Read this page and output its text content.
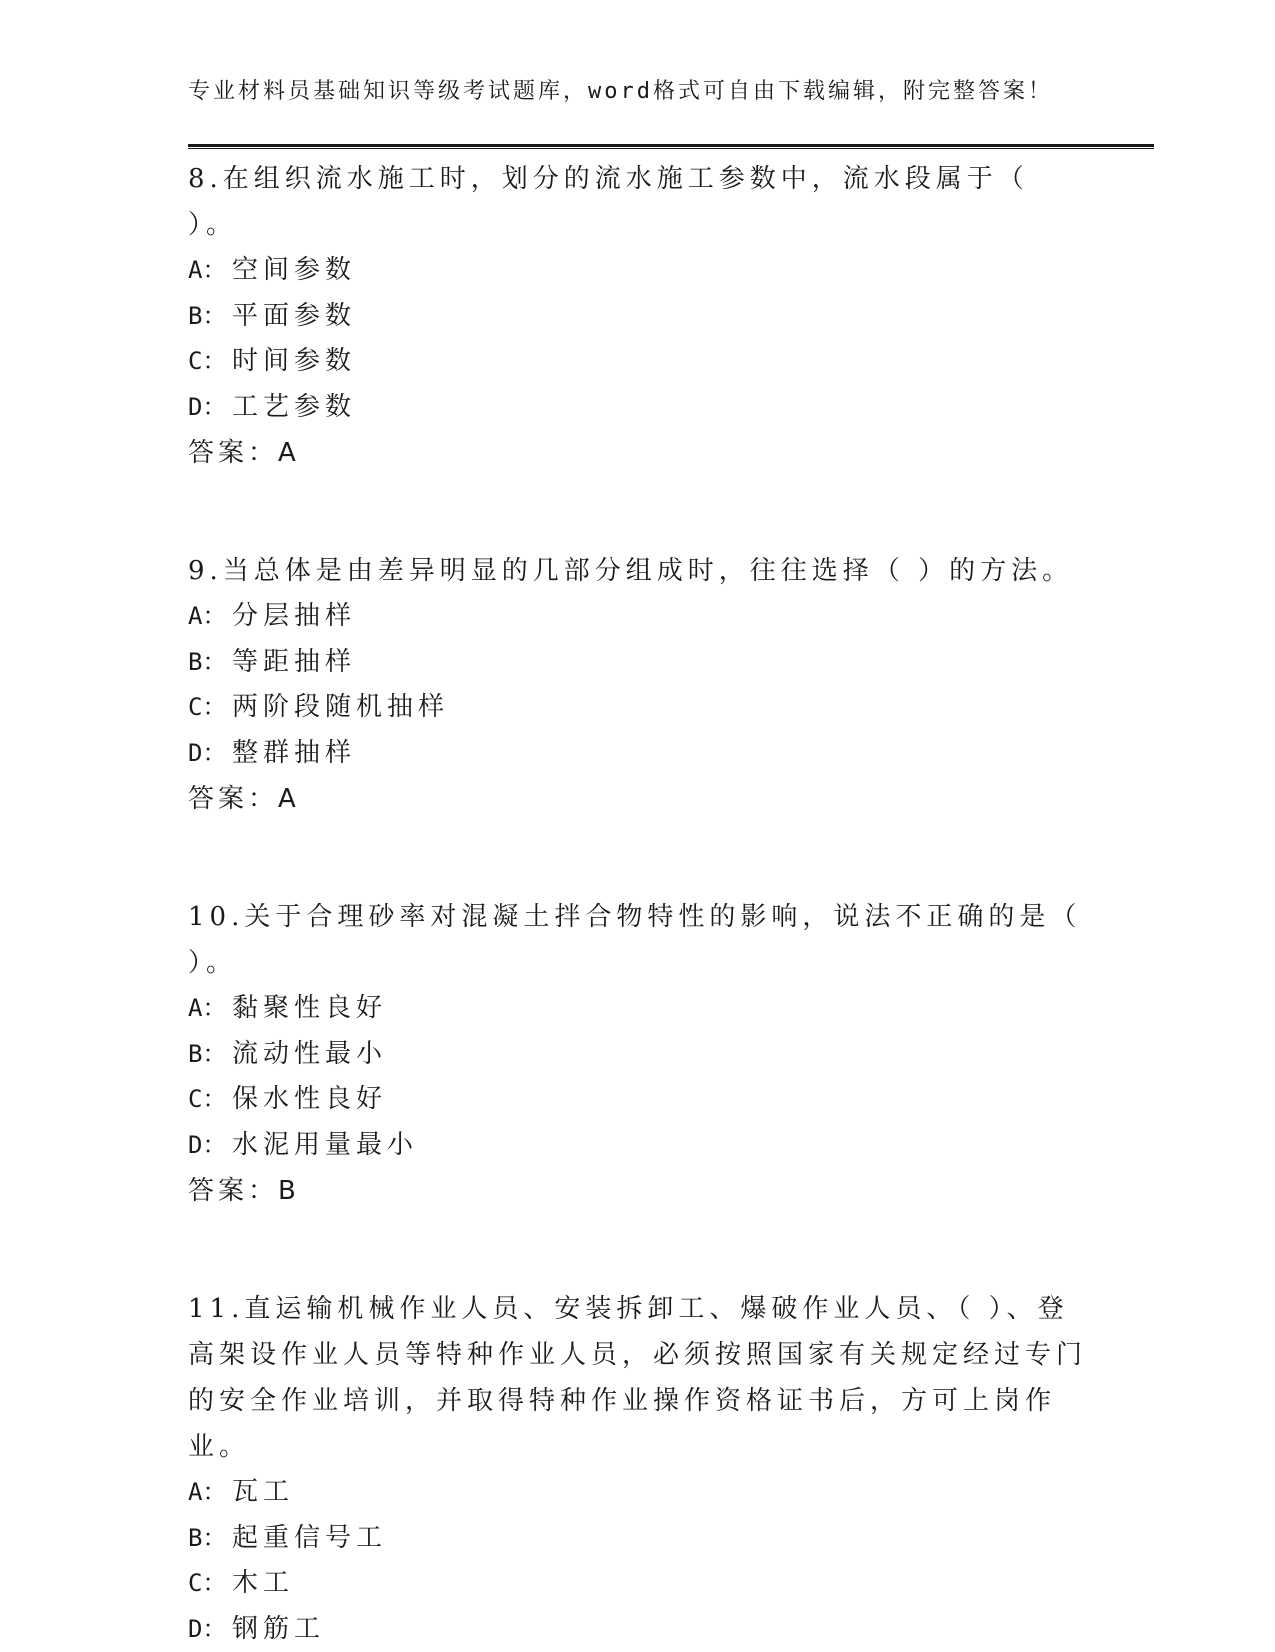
专业材料员基础知识等级考试题库，word格式可自由下载编辑，附完整答案！

8.在组织流水施工时，划分的流水施工参数中，流水段属于（ ）。

A： 空间参数

B： 平面参数

C： 时间参数

D： 工艺参数

答案：A

9.当总体是由差异明显的几部分组成时，往往选择（ ）的方法。

A： 分层抽样

B： 等距抽样

C： 两阶段随机抽样

D： 整群抽样

答案：A

10.关于合理砂率对混凝土拌合物特性的影响，说法不正确的是（ ）。

A： 黏聚性良好

B： 流动性最小

C： 保水性良好

D： 水泥用量最小

答案：B

11.直运输机械作业人员、安装拆卸工、爆破作业人员、（ ）、登高架设作业人员等特种作业人员，必须按照国家有关规定经过专门的安全作业培训，并取得特种作业操作资格证书后，方可上岗作业。

A： 瓦工

B： 起重信号工

C： 木工

D： 钢筋工
